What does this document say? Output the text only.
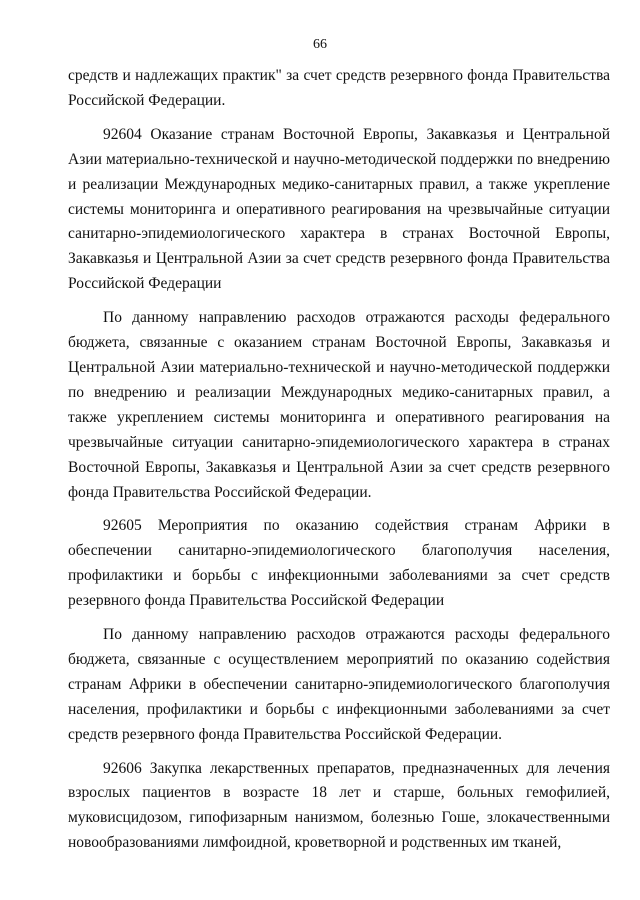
66

средств и надлежащих практик" за счет средств резервного фонда Правительства Российской Федерации.

92604 Оказание странам Восточной Европы, Закавказья и Центральной Азии материально-технической и научно-методической поддержки по внедрению и реализации Международных медико-санитарных правил, а также укрепление системы мониторинга и оперативного реагирования на чрезвычайные ситуации санитарно-эпидемиологического характера в странах Восточной Европы, Закавказья и Центральной Азии за счет средств резервного фонда Правительства Российской Федерации

По данному направлению расходов отражаются расходы федерального бюджета, связанные с оказанием странам Восточной Европы, Закавказья и Центральной Азии материально-технической и научно-методической поддержки по внедрению и реализации Международных медико-санитарных правил, а также укреплением системы мониторинга и оперативного реагирования на чрезвычайные ситуации санитарно-эпидемиологического характера в странах Восточной Европы, Закавказья и Центральной Азии за счет средств резервного фонда Правительства Российской Федерации.

92605 Мероприятия по оказанию содействия странам Африки в обеспечении санитарно-эпидемиологического благополучия населения, профилактики и борьбы с инфекционными заболеваниями за счет средств резервного фонда Правительства Российской Федерации

По данному направлению расходов отражаются расходы федерального бюджета, связанные с осуществлением мероприятий по оказанию содействия странам Африки в обеспечении санитарно-эпидемиологического благополучия населения, профилактики и борьбы с инфекционными заболеваниями за счет средств резервного фонда Правительства Российской Федерации.

92606 Закупка лекарственных препаратов, предназначенных для лечения взрослых пациентов в возрасте 18 лет и старше, больных гемофилией, муковисцидозом, гипофизарным нанизмом, болезнью Гоше, злокачественными новообразованиями лимфоидной, кроветворной и родственных им тканей,
